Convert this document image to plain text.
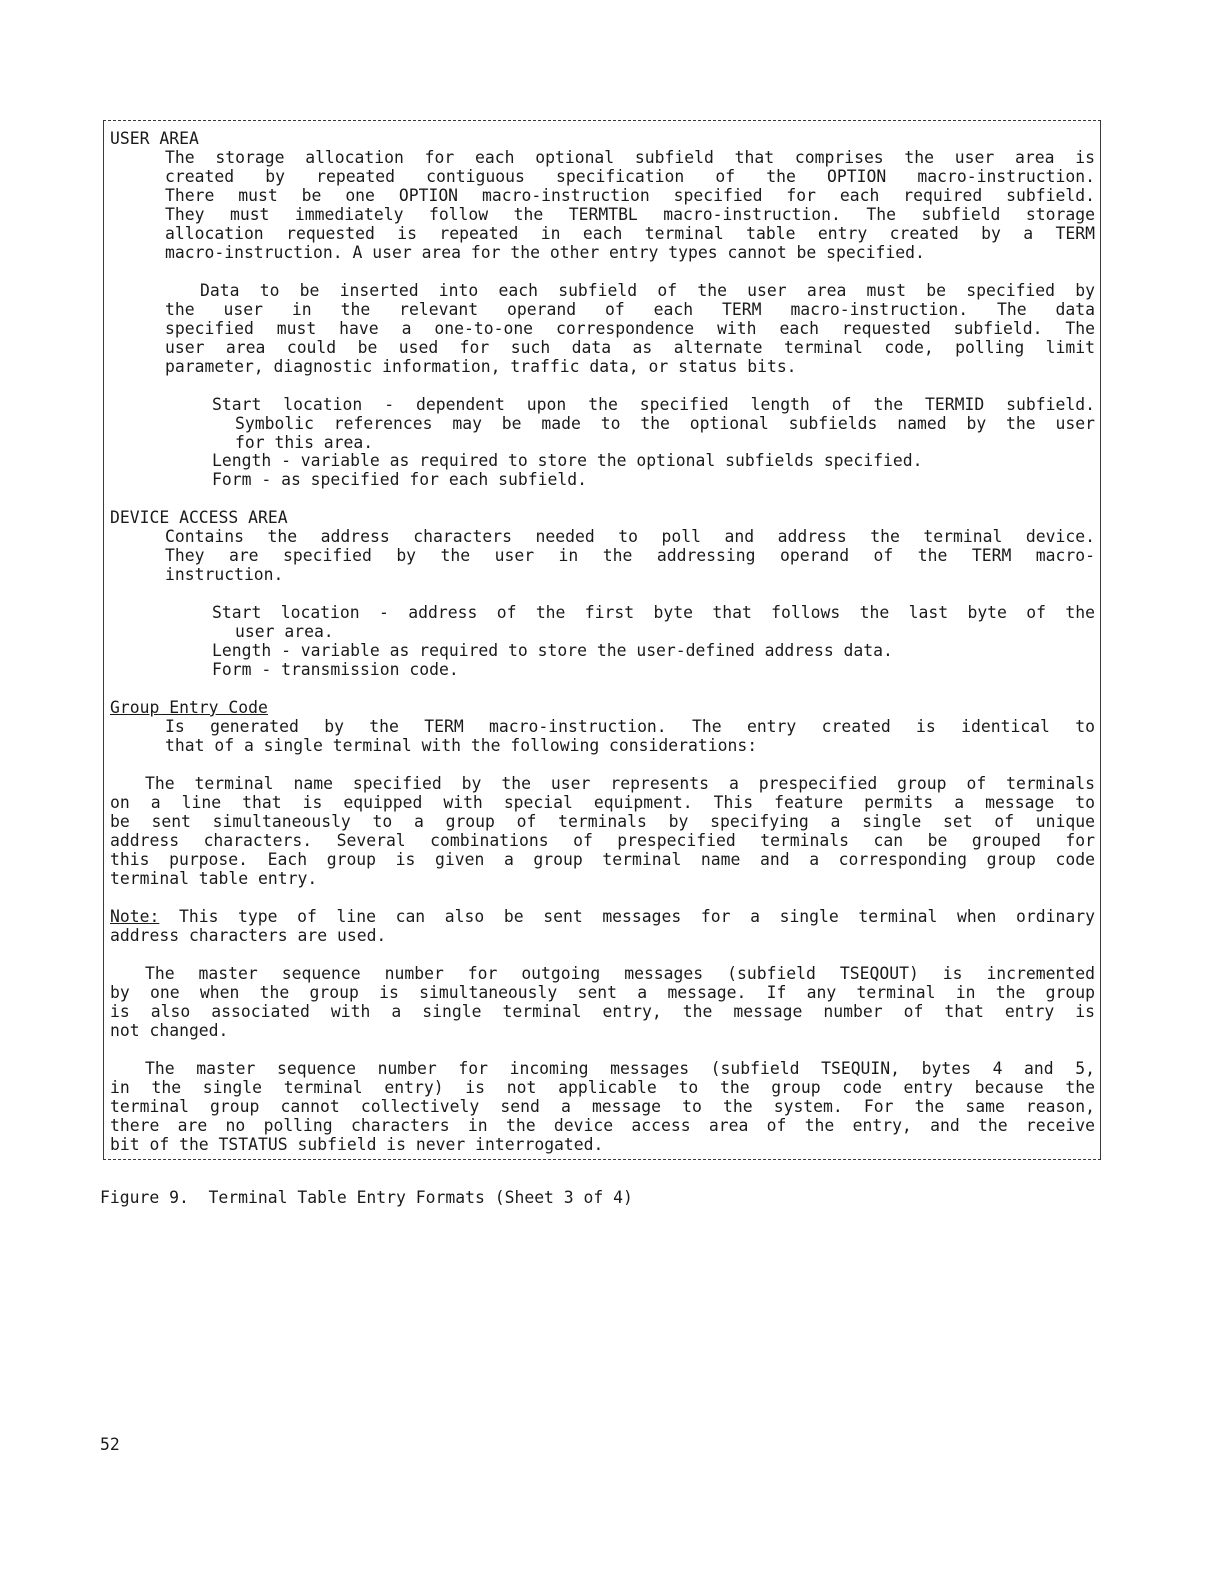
USER AREA
The storage allocation for each optional subfield that comprises the user area is
created by repeated contiguous specification of the OPTION macro-instruction.
There must be one OPTION macro-instruction specified for each required subfield.
They must immediately follow the TERMTBL macro-instruction. The subfield storage
allocation requested is repeated in each terminal table entry created by a TERM
macro-instruction. A user area for the other entry types cannot be specified.
Data to be inserted into each subfield of the user area must be specified by
the user in the relevant operand of each TERM macro-instruction. The data
specified must have a one-to-one correspondence with each requested subfield. The
user area could be used for such data as alternate terminal code, polling limit
parameter, diagnostic information, traffic data, or status bits.
Start location - dependent upon the specified length of the TERMID subfield.
Symbolic references may be made to the optional subfields named by the user
for this area.
Length - variable as required to store the optional subfields specified.
Form - as specified for each subfield.
DEVICE ACCESS AREA
Contains the address characters needed to poll and address the terminal device.
They are specified by the user in the addressing operand of the TERM macro-
instruction.
Start location - address of the first byte that follows the last byte of the
user area.
Length - variable as required to store the user-defined address data.
Form - transmission code.
Group Entry Code
Is generated by the TERM macro-instruction. The entry created is identical to
that of a single terminal with the following considerations:
The terminal name specified by the user represents a prespecified group of terminals
on a line that is equipped with special equipment. This feature permits a message to
be sent simultaneously to a group of terminals by specifying a single set of unique
address characters. Several combinations of prespecified terminals can be grouped for
this purpose. Each group is given a group terminal name and a corresponding group code
terminal table entry.
Note: This type of line can also be sent messages for a single terminal when ordinary
address characters are used.
The master sequence number for outgoing messages (subfield TSEQOUT) is incremented
by one when the group is simultaneously sent a message. If any terminal in the group
is also associated with a single terminal entry, the message number of that entry is
not changed.
The master sequence number for incoming messages (subfield TSEQUIN, bytes 4 and 5,
in the single terminal entry) is not applicable to the group code entry because the
terminal group cannot collectively send a message to the system. For the same reason,
there are no polling characters in the device access area of the entry, and the receive
bit of the TSTATUS subfield is never interrogated.
Figure 9.  Terminal Table Entry Formats (Sheet 3 of 4)
52
